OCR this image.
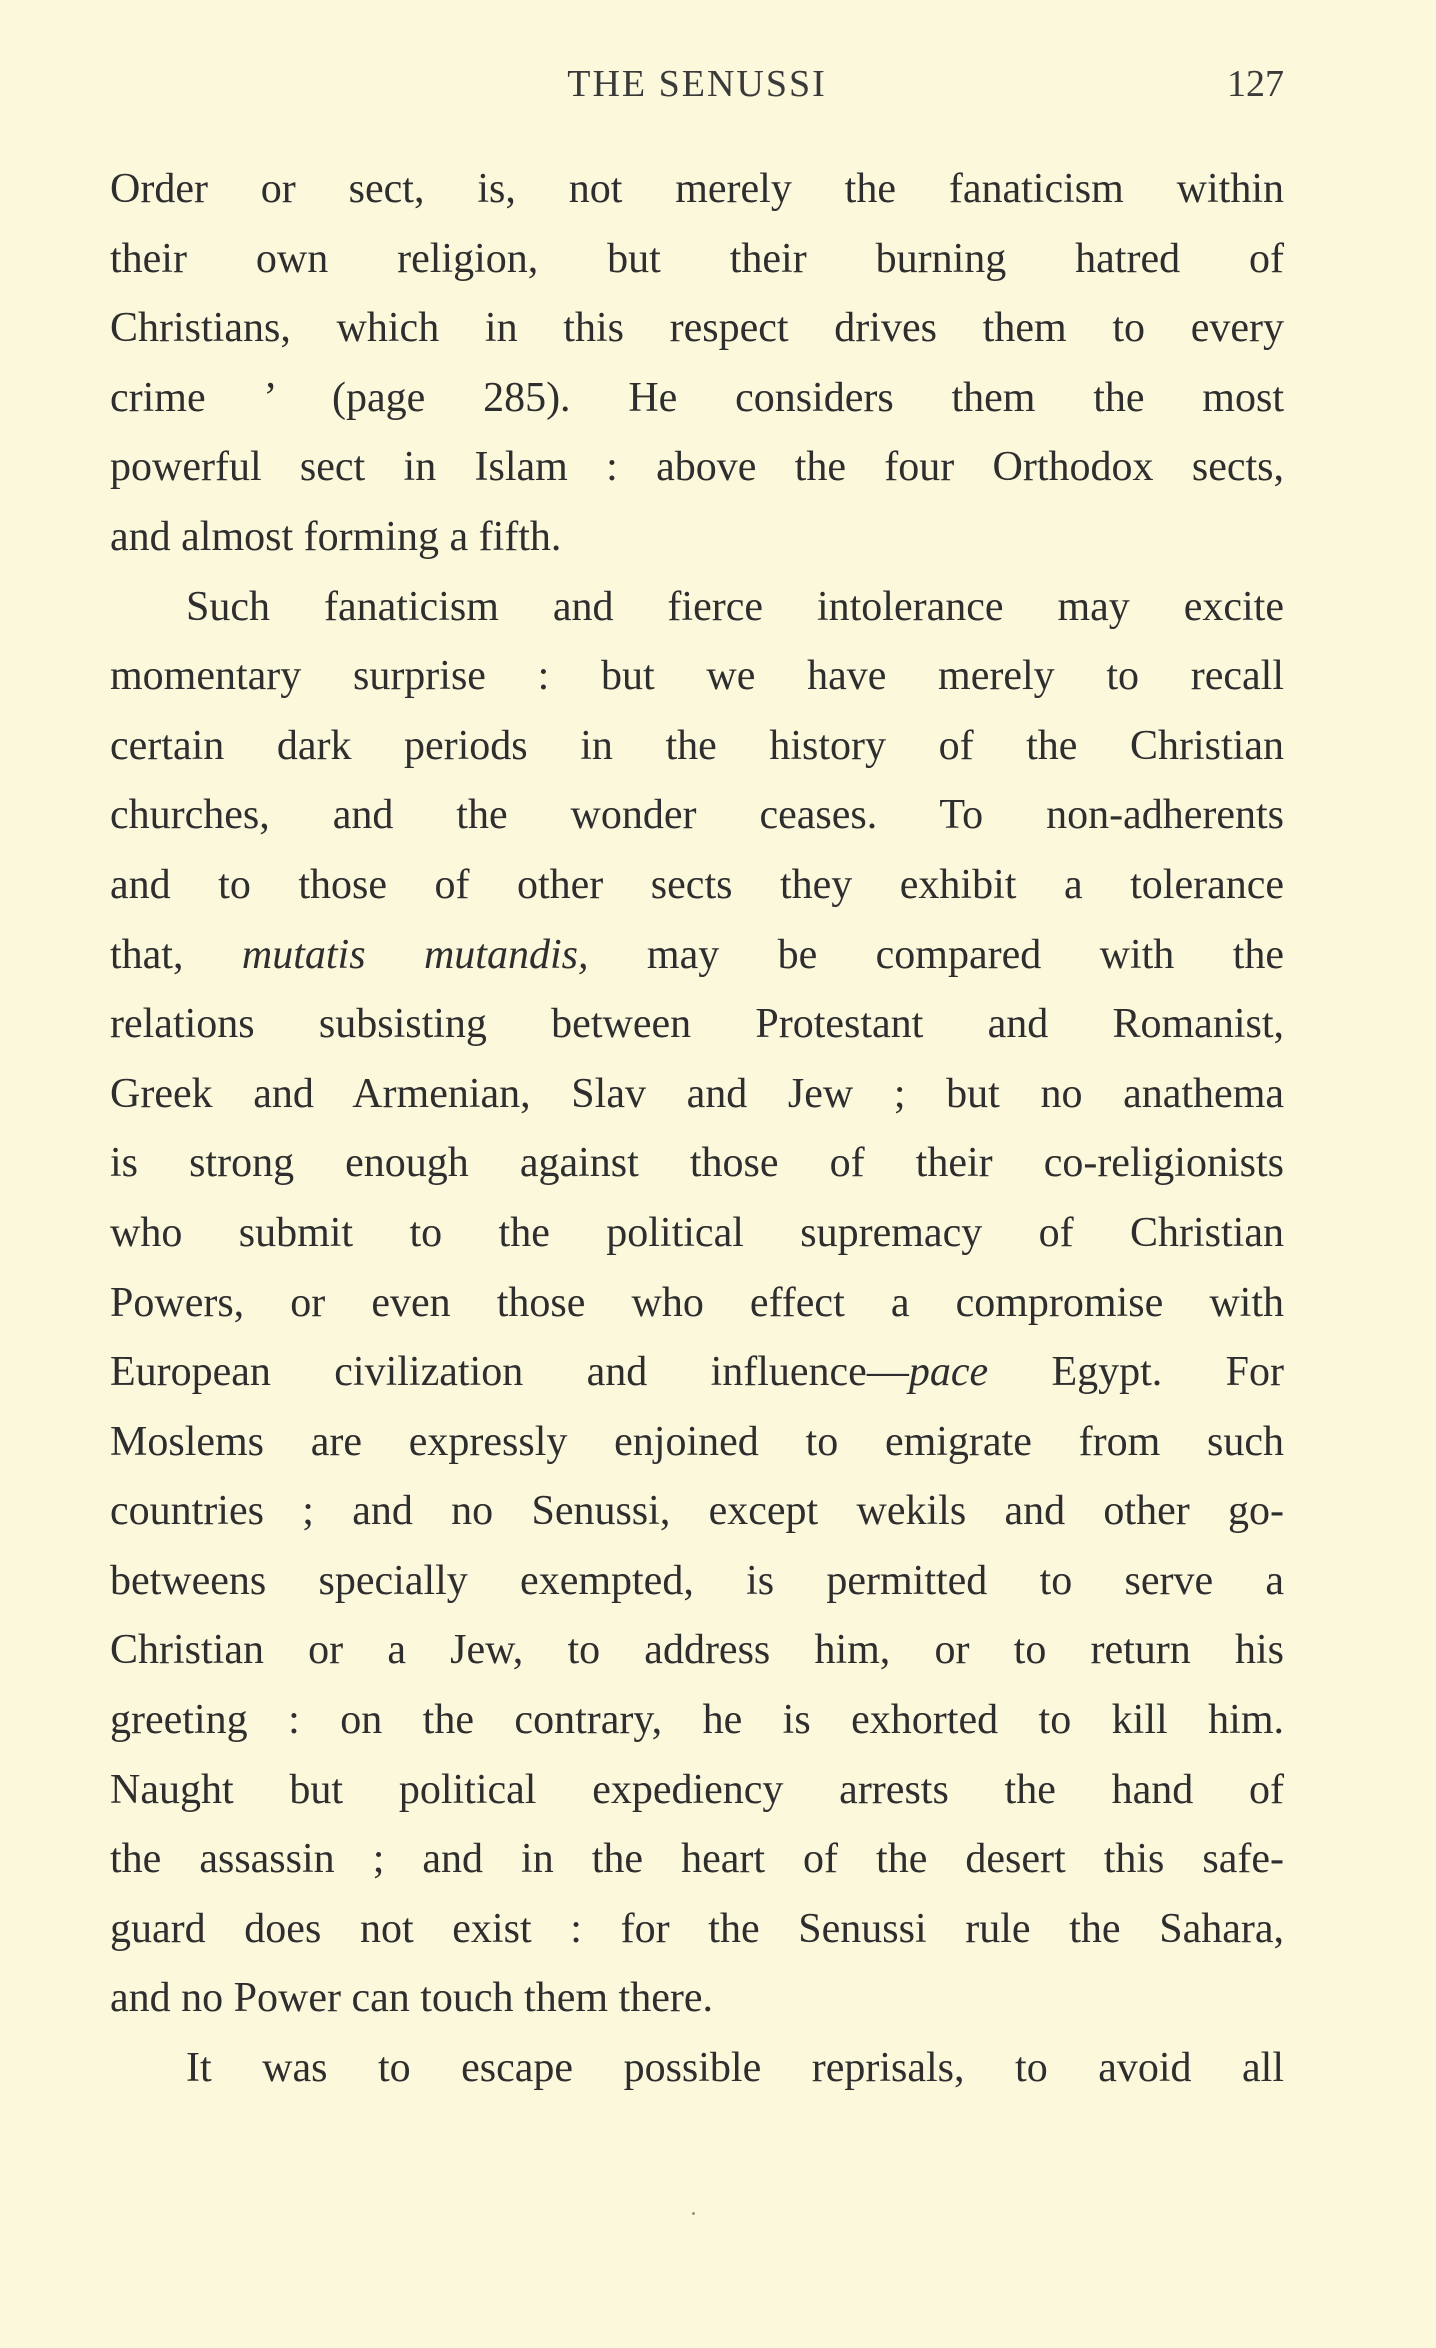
THE SENUSSI	127
Order or sect, is, not merely the fanaticism within
their own religion, but their burning hatred of
Christians, which in this respect drives them to every
crime ’ (page 285). He considers them the most
powerful sect in Islam : above the four Orthodox sects,
and almost forming a fifth.
Such fanaticism and fierce intolerance may excite
momentary surprise : but we have merely to recall
certain dark periods in the history of the Christian
churches, and the wonder ceases. To non-adherents
and to those of other sects they exhibit a tolerance
that, mutatis mutandis, may be compared with the
relations subsisting between Protestant and Romanist,
Greek and Armenian, Slav and Jew ; but no anathema
is strong enough against those of their co-religionists
who submit to the political supremacy of Christian
Powers, or even those who effect a compromise with
European civilization and influence—pace Egypt. For
Moslems are expressly enjoined to emigrate from such
countries ; and no Senussi, except wekils and other go-
betweens specially exempted, is permitted to serve a
Christian or a Jew, to address him, or to return his
greeting : on the contrary, he is exhorted to kill him.
Naught but political expediency arrests the hand of
the assassin ; and in the heart of the desert this safe-
guard does not exist : for the Senussi rule the Sahara,
and no Power can touch them there.
It was to escape possible reprisals, to avoid all
